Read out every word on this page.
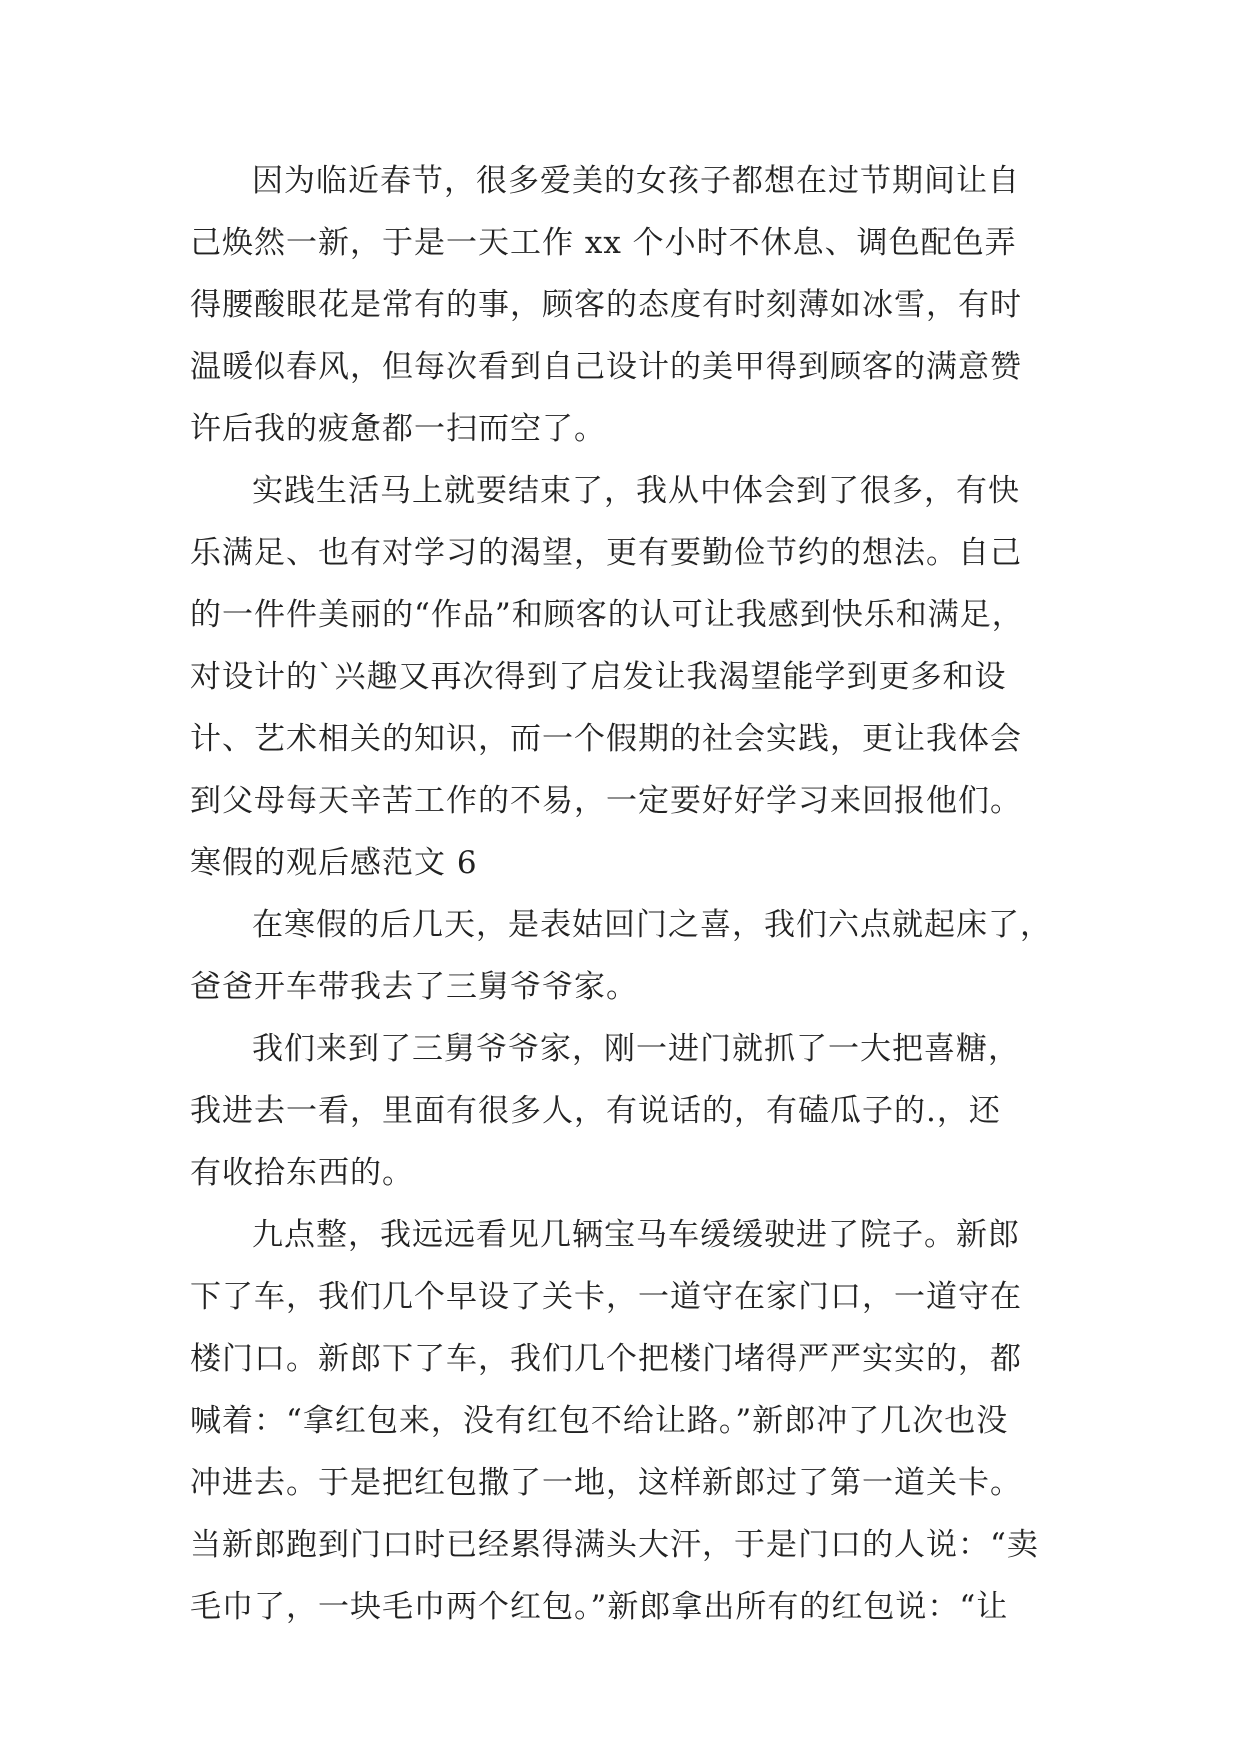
因为临近春节，很多爱美的女孩子都想在过节期间让自
己焕然一新，于是一天工作 xx 个小时不休息、调色配色弄
得腰酸眼花是常有的事，顾客的态度有时刻薄如冰雪，有时
温暖似春风，但每次看到自己设计的美甲得到顾客的满意赞
许后我的疲惫都一扫而空了。

实践生活马上就要结束了，我从中体会到了很多，有快
乐满足、也有对学习的渴望，更有要勤俭节约的想法。自己
的一件件美丽的“作品”和顾客的认可让我感到快乐和满足，
对设计的`兴趣又再次得到了启发让我渴望能学到更多和设
计、艺术相关的知识，而一个假期的社会实践，更让我体会
到父母每天辛苦工作的不易，一定要好好学习来回报他们。

寒假的观后感范文 6

在寒假的后几天，是表姑回门之喜，我们六点就起床了，
爸爸开车带我去了三舅爷爷家。

我们来到了三舅爷爷家，刚一进门就抓了一大把喜糖，
我进去一看，里面有很多人，有说话的，有磕瓜子的.，还
有收拾东西的。

九点整，我远远看见几辆宝马车缓缓驶进了院子。新郎
下了车，我们几个早设了关卡，一道守在家门口，一道守在
楼门口。新郎下了车，我们几个把楼门堵得严严实实的，都
喊着：“拿红包来，没有红包不给让路。”新郎冲了几次也没
冲进去。于是把红包撒了一地，这样新郎过了第一道关卡。
当新郎跑到门口时已经累得满头大汗，于是门口的人说：“卖
毛巾了，一块毛巾两个红包。”新郎拿出所有的红包说：“让
